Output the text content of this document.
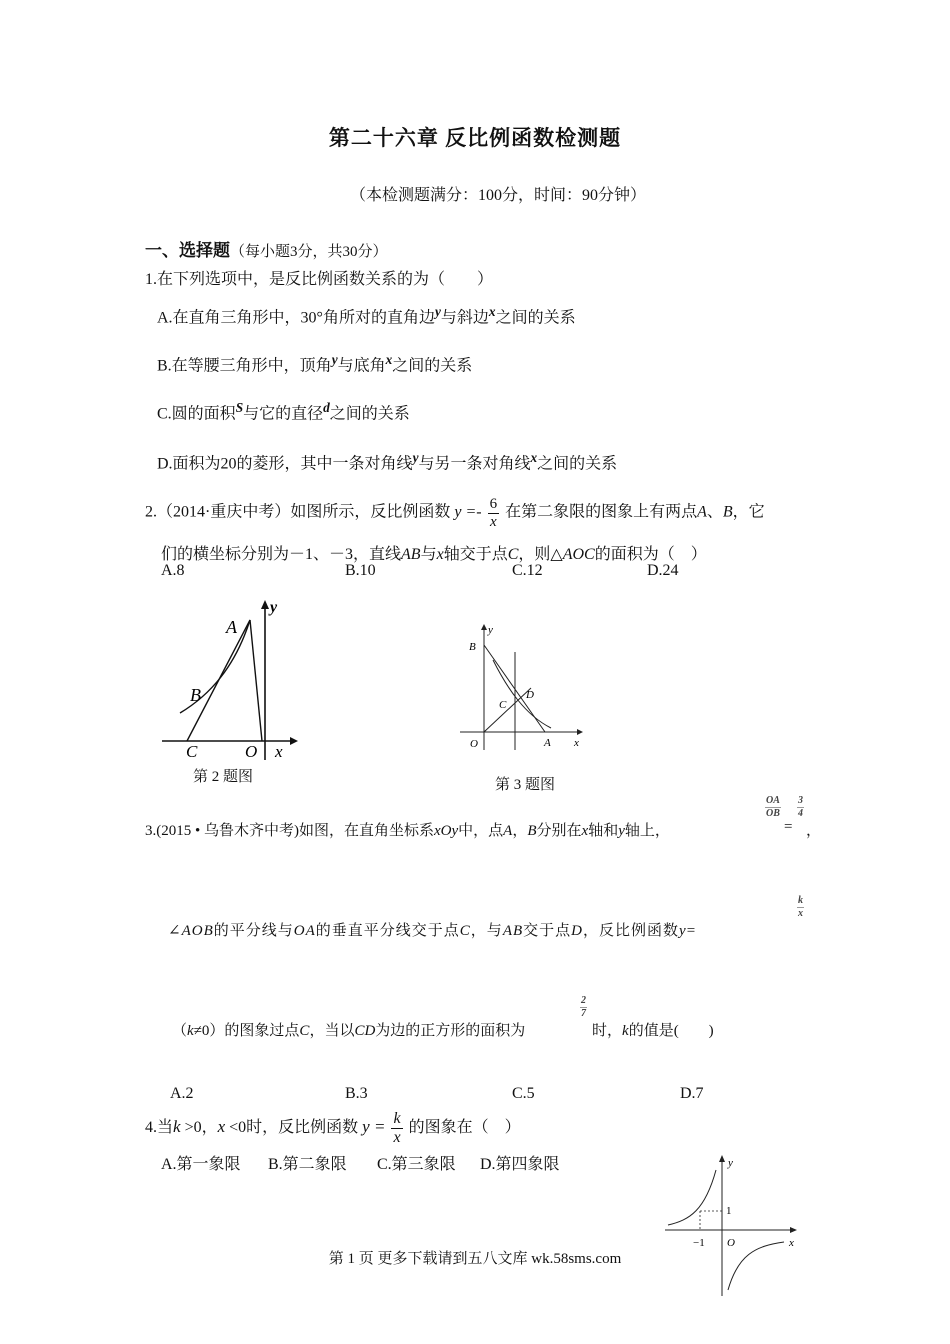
第二十六章 反比例函数检测题
（本检测题满分：100分，时间：90分钟）
一、选择题（每小题3分，共30分）
1.在下列选项中，是反比例函数关系的为（　　）
A.在直角三角形中，30°角所对的直角边$^y$与斜边$^x$之间的关系
B.在等腰三角形中，顶角$^y$与底角$^x$之间的关系
C.圆的面积$^S$与它的直径$^d$之间的关系
D.面积为20的菱形，其中一条对角线$^y$与另一条对角线$^x$之间的关系
2.（2014·重庆中考）如图所示，反比例函数 $y =- \frac{6}{x}$ 在第二象限的图象上有两点A、B，它
们的横坐标分别为－1、－3，直线AB与x轴交于点C，则△AOC的面积为（　）
A.8	B.10	C.12	D.24
A
B
C	O x
y
第 2 题图
B
C
D
O	A x
y
第 3 题图
3.(2015 • 乌鲁木齐中考)如图，在直角坐标系xOy中，点A，B分别在x轴和y轴上，
$\frac{OA}{OB}$
=
$\frac{3}{4}$
，
∠AOB的平分线与OA的垂直平分线交于点C，与AB交于点D，反比例函数y=
$\frac{k}{x}$
（k≠0）的图象过点C，当以CD为边的正方形的面积为
$\frac{2}{7}$
时，k的值是(　　)
A.2	B.3	C.5	D.7
4.当k >0，x <0时，反比例函数 $y = \frac{k}{x}$ 的图象在（　）
A.第一象限 B.第二象限 C.第三象限 D.第四象限
1
−1 O	x
y
第 1 页 更多下载请到五八文库 wk.58sms.com
